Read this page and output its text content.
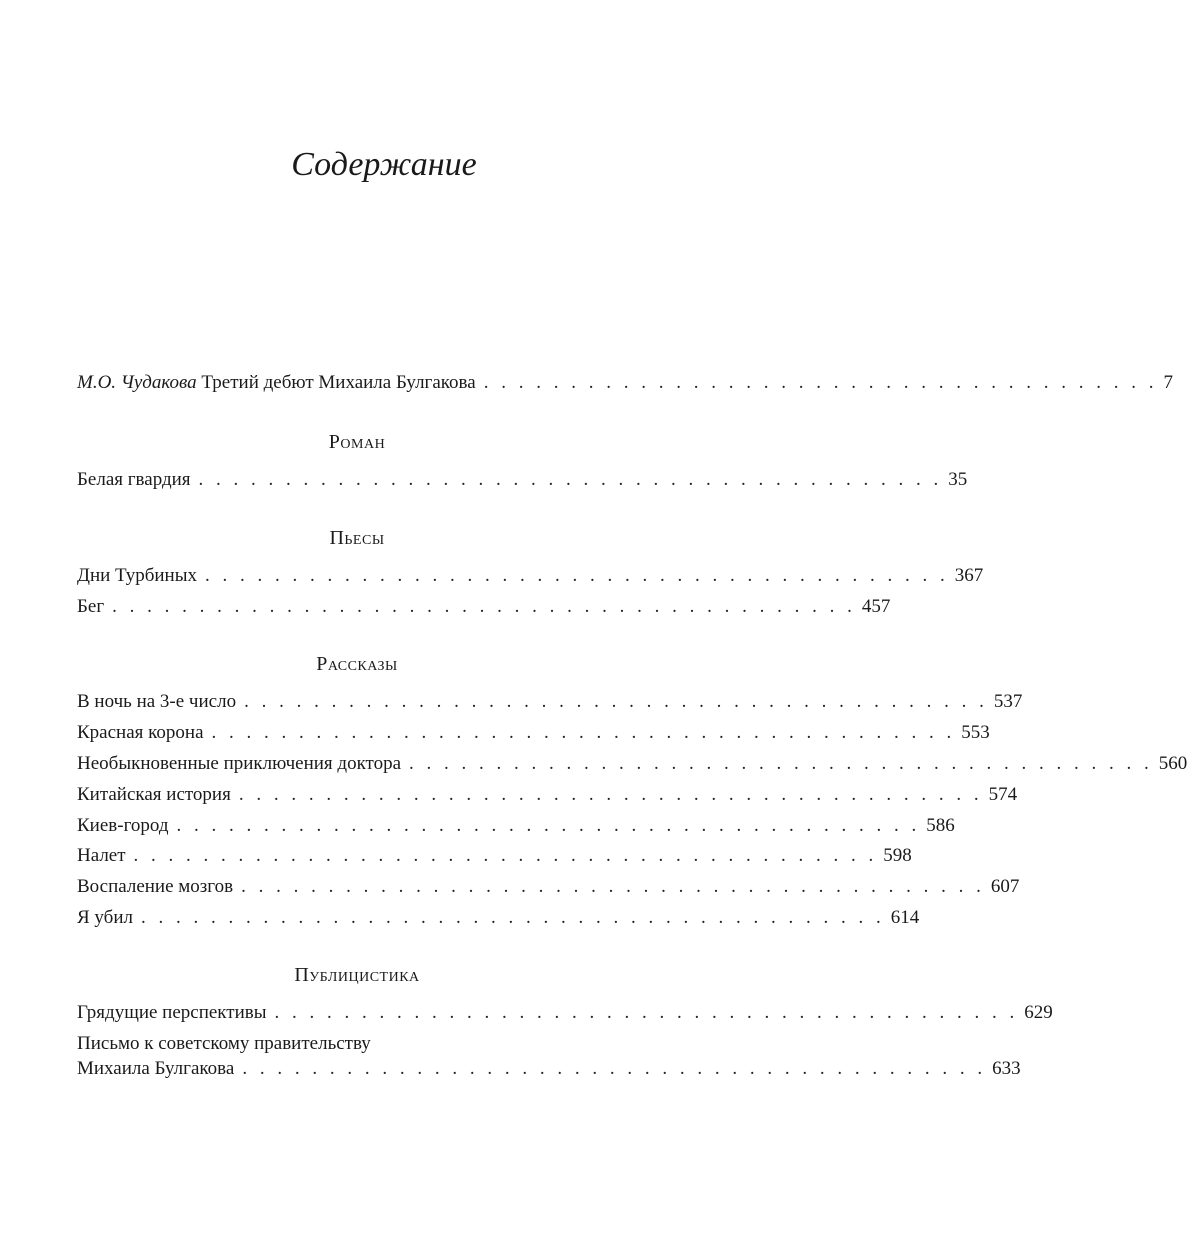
Содержание
М.О. Чудакова Третий дебют Михаила Булгакова . . . . . . . . . . . . . . . . . . . . . . . . . . . . . . . . . . . . . . . 7
Роман
Белая гвардия . . . . . . . . . . . . . . . . . . . . . . . . . . . . . . . . . . . . . . . . . . . 35
Пьесы
Дни Турбиных . . . . . . . . . . . . . . . . . . . . . . . . . . . . . . . . . . . . . . . . . . . 367
Бег . . . . . . . . . . . . . . . . . . . . . . . . . . . . . . . . . . . . . . . . . . . 457
Рассказы
В ночь на 3-е число . . . . . . . . . . . . . . . . . . . . . . . . . . . . . . . . . . . . . . . . . . . 537
Красная корона . . . . . . . . . . . . . . . . . . . . . . . . . . . . . . . . . . . . . . . . . . . 553
Необыкновенные приключения доктора . . . . . . . . . . . . . . . . . . . . . . . . . . . . . . . . . . . . . . . . . . . 560
Китайская история . . . . . . . . . . . . . . . . . . . . . . . . . . . . . . . . . . . . . . . . . . . 574
Киев-город . . . . . . . . . . . . . . . . . . . . . . . . . . . . . . . . . . . . . . . . . . . 586
Налет . . . . . . . . . . . . . . . . . . . . . . . . . . . . . . . . . . . . . . . . . . . 598
Воспаление мозгов . . . . . . . . . . . . . . . . . . . . . . . . . . . . . . . . . . . . . . . . . . . 607
Я убил . . . . . . . . . . . . . . . . . . . . . . . . . . . . . . . . . . . . . . . . . . . 614
Публицистика
Грядущие перспективы . . . . . . . . . . . . . . . . . . . . . . . . . . . . . . . . . . . . . . . . . . . 629
Письмо к советскому правительству
Михаила Булгакова . . . . . . . . . . . . . . . . . . . . . . . . . . . . . . . . . . . . . . . . . . . 633
